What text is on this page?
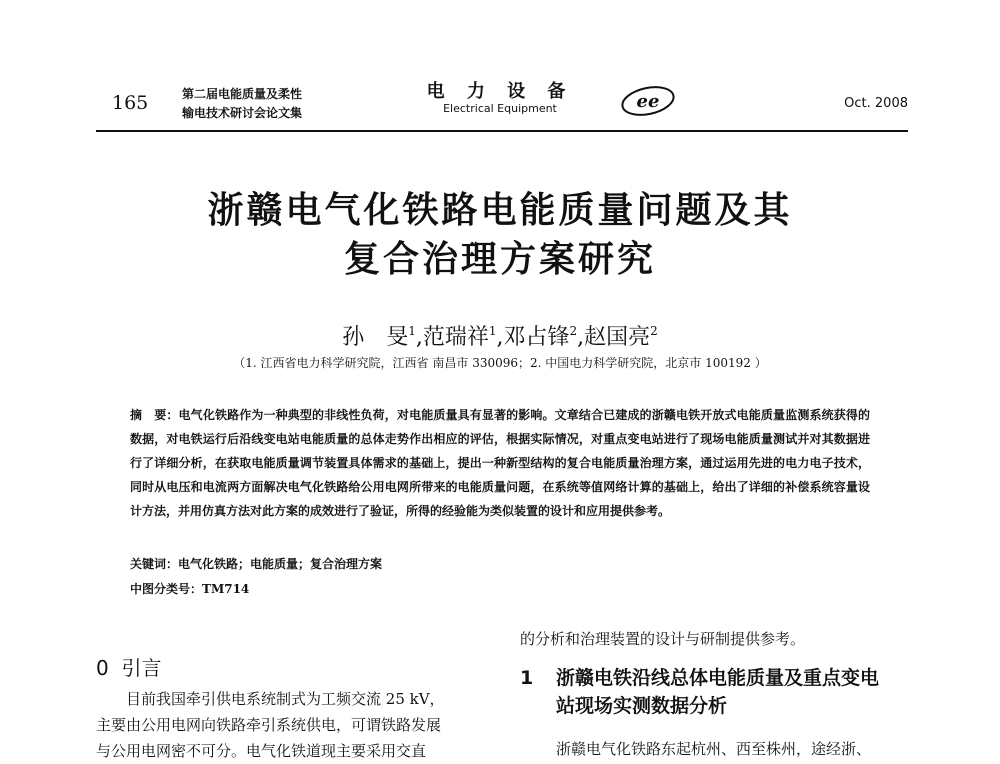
165	第二届电能质量及柔性
输电技术研讨会论文集
电 力 设 备
Electrical Equipment	ee	Oct. 2008
浙赣电气化铁路电能质量问题及其
复合治理方案研究
孙　旻$^1$,范瑞祥$^1$,邓占锋$^2$,赵国亮$^2$
（1. 江西省电力科学研究院，江西省 南昌市 330096；2. 中国电力科学研究院，北京市 100192 ）
摘　要：电气化铁路作为一种典型的非线性负荷，对电能质量具有显著的影响。文章结合已建成的浙赣电铁开放式电能质量监测系统获得的数据，对电铁运行后沿线变电站电能质量的总体走势作出相应的评估，根据实际情况，对重点变电站进行了现场电能质量测试并对其数据进行了详细分析，在获取电能质量调节装置具体需求的基础上，提出一种新型结构的复合电能质量治理方案，通过运用先进的电力电子技术，同时从电压和电流两方面解决电气化铁路给公用电网所带来的电能质量问题，在系统等值网络计算的基础上，给出了详细的补偿系统容量设计方法，并用仿真方法对此方案的成效进行了验证，所得的经验能为类似装置的设计和应用提供参考。
关键词：电气化铁路；电能质量；复合治理方案
中图分类号：TM714
0 引言

目前我国牵引供电系统制式为工频交流 25 kV，

主要由公用电网向铁路牵引系统供电，可谓铁路发展

与公用电网密不可分。电气化铁道现主要采用交直

的分析和治理装置的设计与研制提供参考。
1 浙赣电铁沿线总体电能质量及重点变电
站现场实测数据分析
浙赣电气化铁路东起杭州、西至株州，途经浙、
